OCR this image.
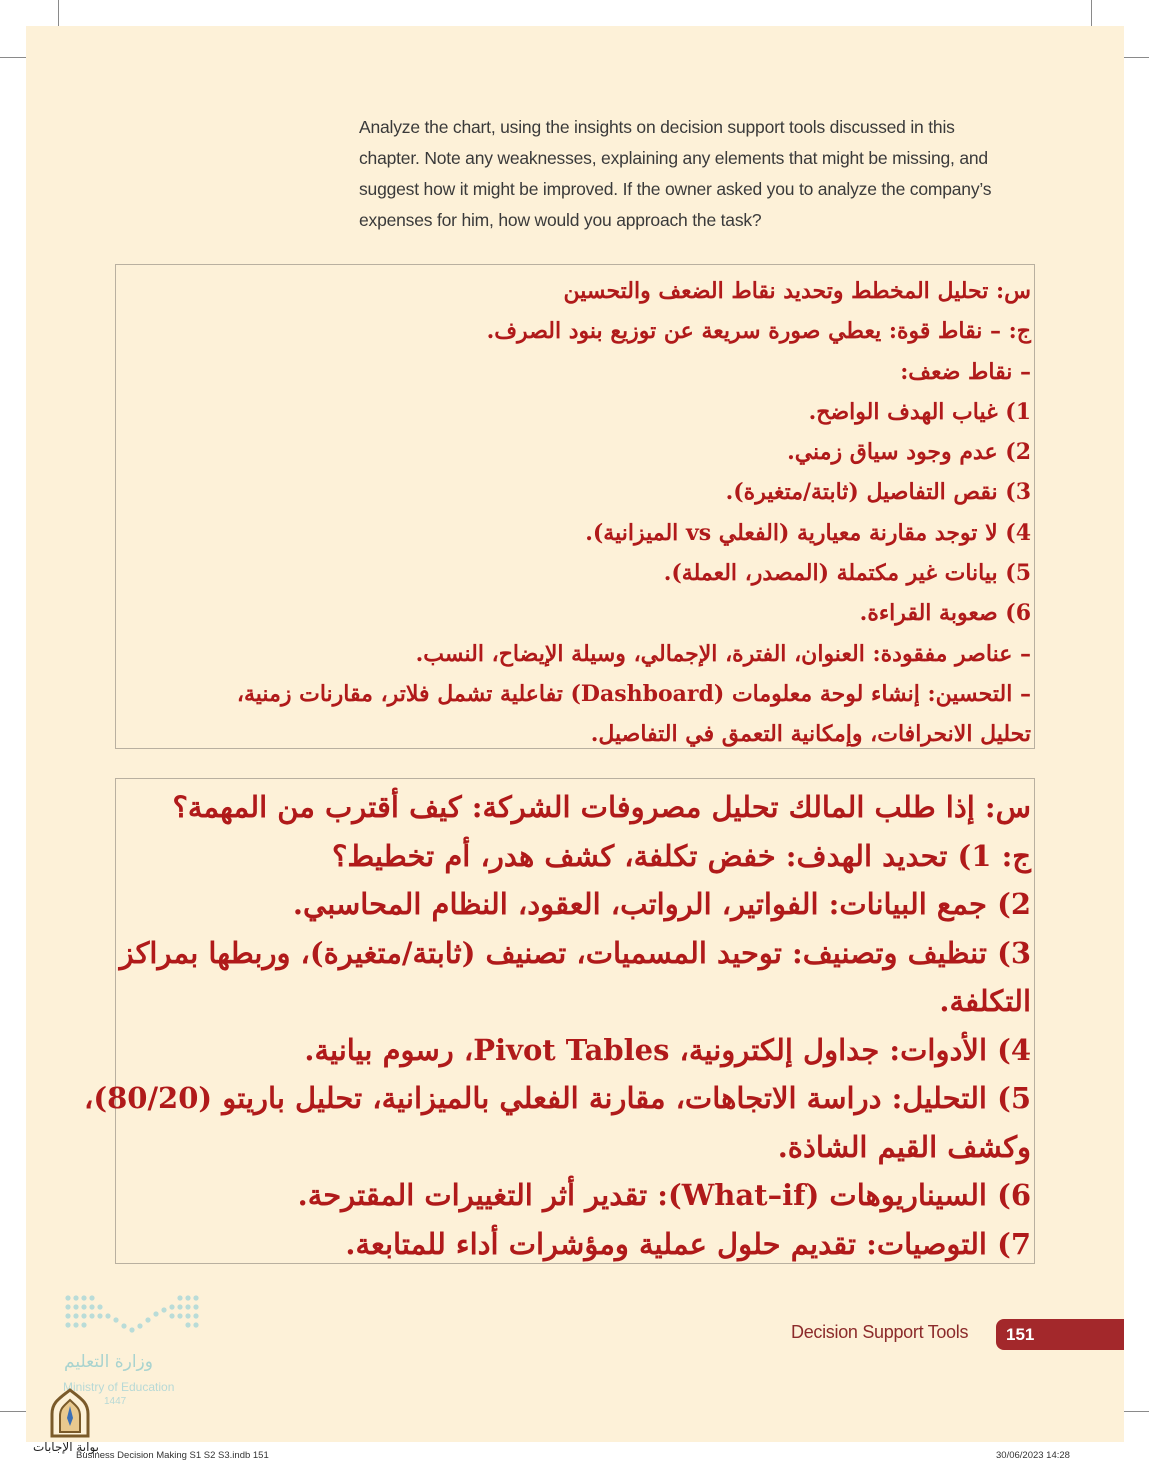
Analyze the chart, using the insights on decision support tools discussed in this chapter. Note any weaknesses, explaining any elements that might be missing, and suggest how it might be improved. If the owner asked you to analyze the company’s expenses for him, how would you approach the task?

س: تحليل المخطط وتحديد نقاط الضعف والتحسين
ج: – نقاط قوة: يعطي صورة سريعة عن توزيع بنود الصرف.
– نقاط ضعف:
1) غياب الهدف الواضح.
2) عدم وجود سياق زمني.
3) نقص التفاصيل (ثابتة/متغيرة).
4) لا توجد مقارنة معيارية (الفعلي vs الميزانية).
5) بيانات غير مكتملة (المصدر، العملة).
6) صعوبة القراءة.
– عناصر مفقودة: العنوان، الفترة، الإجمالي، وسيلة الإيضاح، النسب.
– التحسين: إنشاء لوحة معلومات (Dashboard) تفاعلية تشمل فلاتر، مقارنات زمنية،
تحليل الانحرافات، وإمكانية التعمق في التفاصيل.
س: إذا طلب المالك تحليل مصروفات الشركة: كيف أقترب من المهمة؟
ج: 1) تحديد الهدف: خفض تكلفة، كشف هدر، أم تخطيط؟
2) جمع البيانات: الفواتير، الرواتب، العقود، النظام المحاسبي.
3) تنظيف وتصنيف: توحيد المسميات، تصنيف (ثابتة/متغيرة)، وربطها بمراكز
التكلفة.
4) الأدوات: جداول إلكترونية، Pivot Tables، رسوم بيانية.
5) التحليل: دراسة الاتجاهات، مقارنة الفعلي بالميزانية، تحليل باريتو (80/20)،
وكشف القيم الشاذة.
6) السيناريوهات (What–if): تقدير أثر التغييرات المقترحة.
7) التوصيات: تقديم حلول عملية ومؤشرات أداء للمتابعة.
Decision Support Tools	151
وزارة التعليم
Ministry of Education
1447
بوابة الإجابات
Business Decision Making S1 S2 S3.indb 151	30/06/2023 14:28
